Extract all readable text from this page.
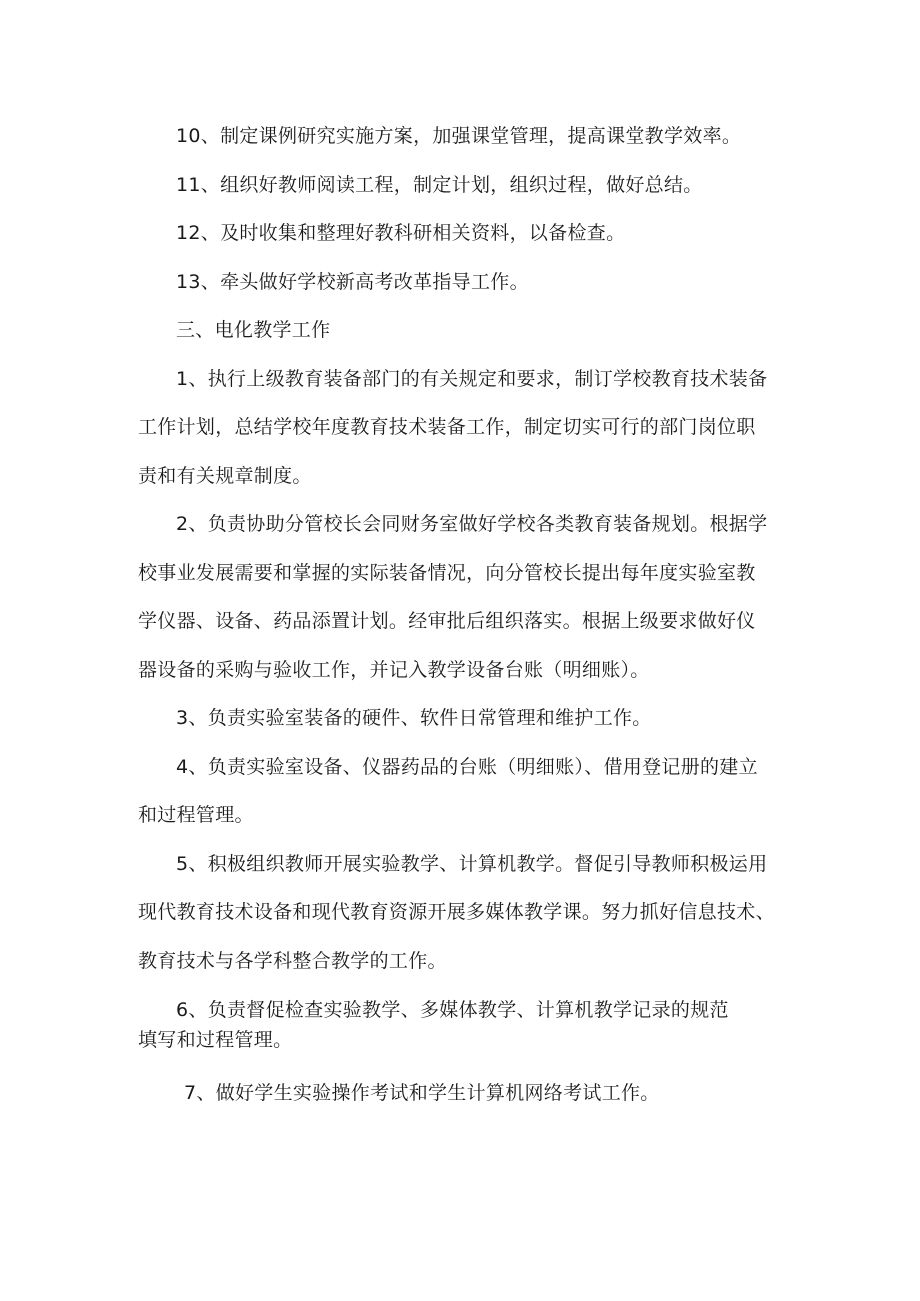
10、制定课例研究实施方案，加强课堂管理，提高课堂教学效率。
11、组织好教师阅读工程，制定计划，组织过程，做好总结。
12、及时收集和整理好教科研相关资料，以备检查。
13、牵头做好学校新高考改革指导工作。
三、电化教学工作
1、执行上级教育装备部门的有关规定和要求，制订学校教育技术装备
工作计划，总结学校年度教育技术装备工作，制定切实可行的部门岗位职
责和有关规章制度。
2、负责协助分管校长会同财务室做好学校各类教育装备规划。根据学
校事业发展需要和掌握的实际装备情况，向分管校长提出每年度实验室教
学仪器、设备、药品添置计划。经审批后组织落实。根据上级要求做好仪
器设备的采购与验收工作，并记入教学设备台账（明细账）。
3、负责实验室装备的硬件、软件日常管理和维护工作。
4、负责实验室设备、仪器药品的台账（明细账）、借用登记册的建立
和过程管理。
5、积极组织教师开展实验教学、计算机教学。督促引导教师积极运用
现代教育技术设备和现代教育资源开展多媒体教学课。努力抓好信息技术、
教育技术与各学科整合教学的工作。
6、负责督促检查实验教学、多媒体教学、计算机教学记录的规范
填写和过程管理。
7、做好学生实验操作考试和学生计算机网络考试工作。
